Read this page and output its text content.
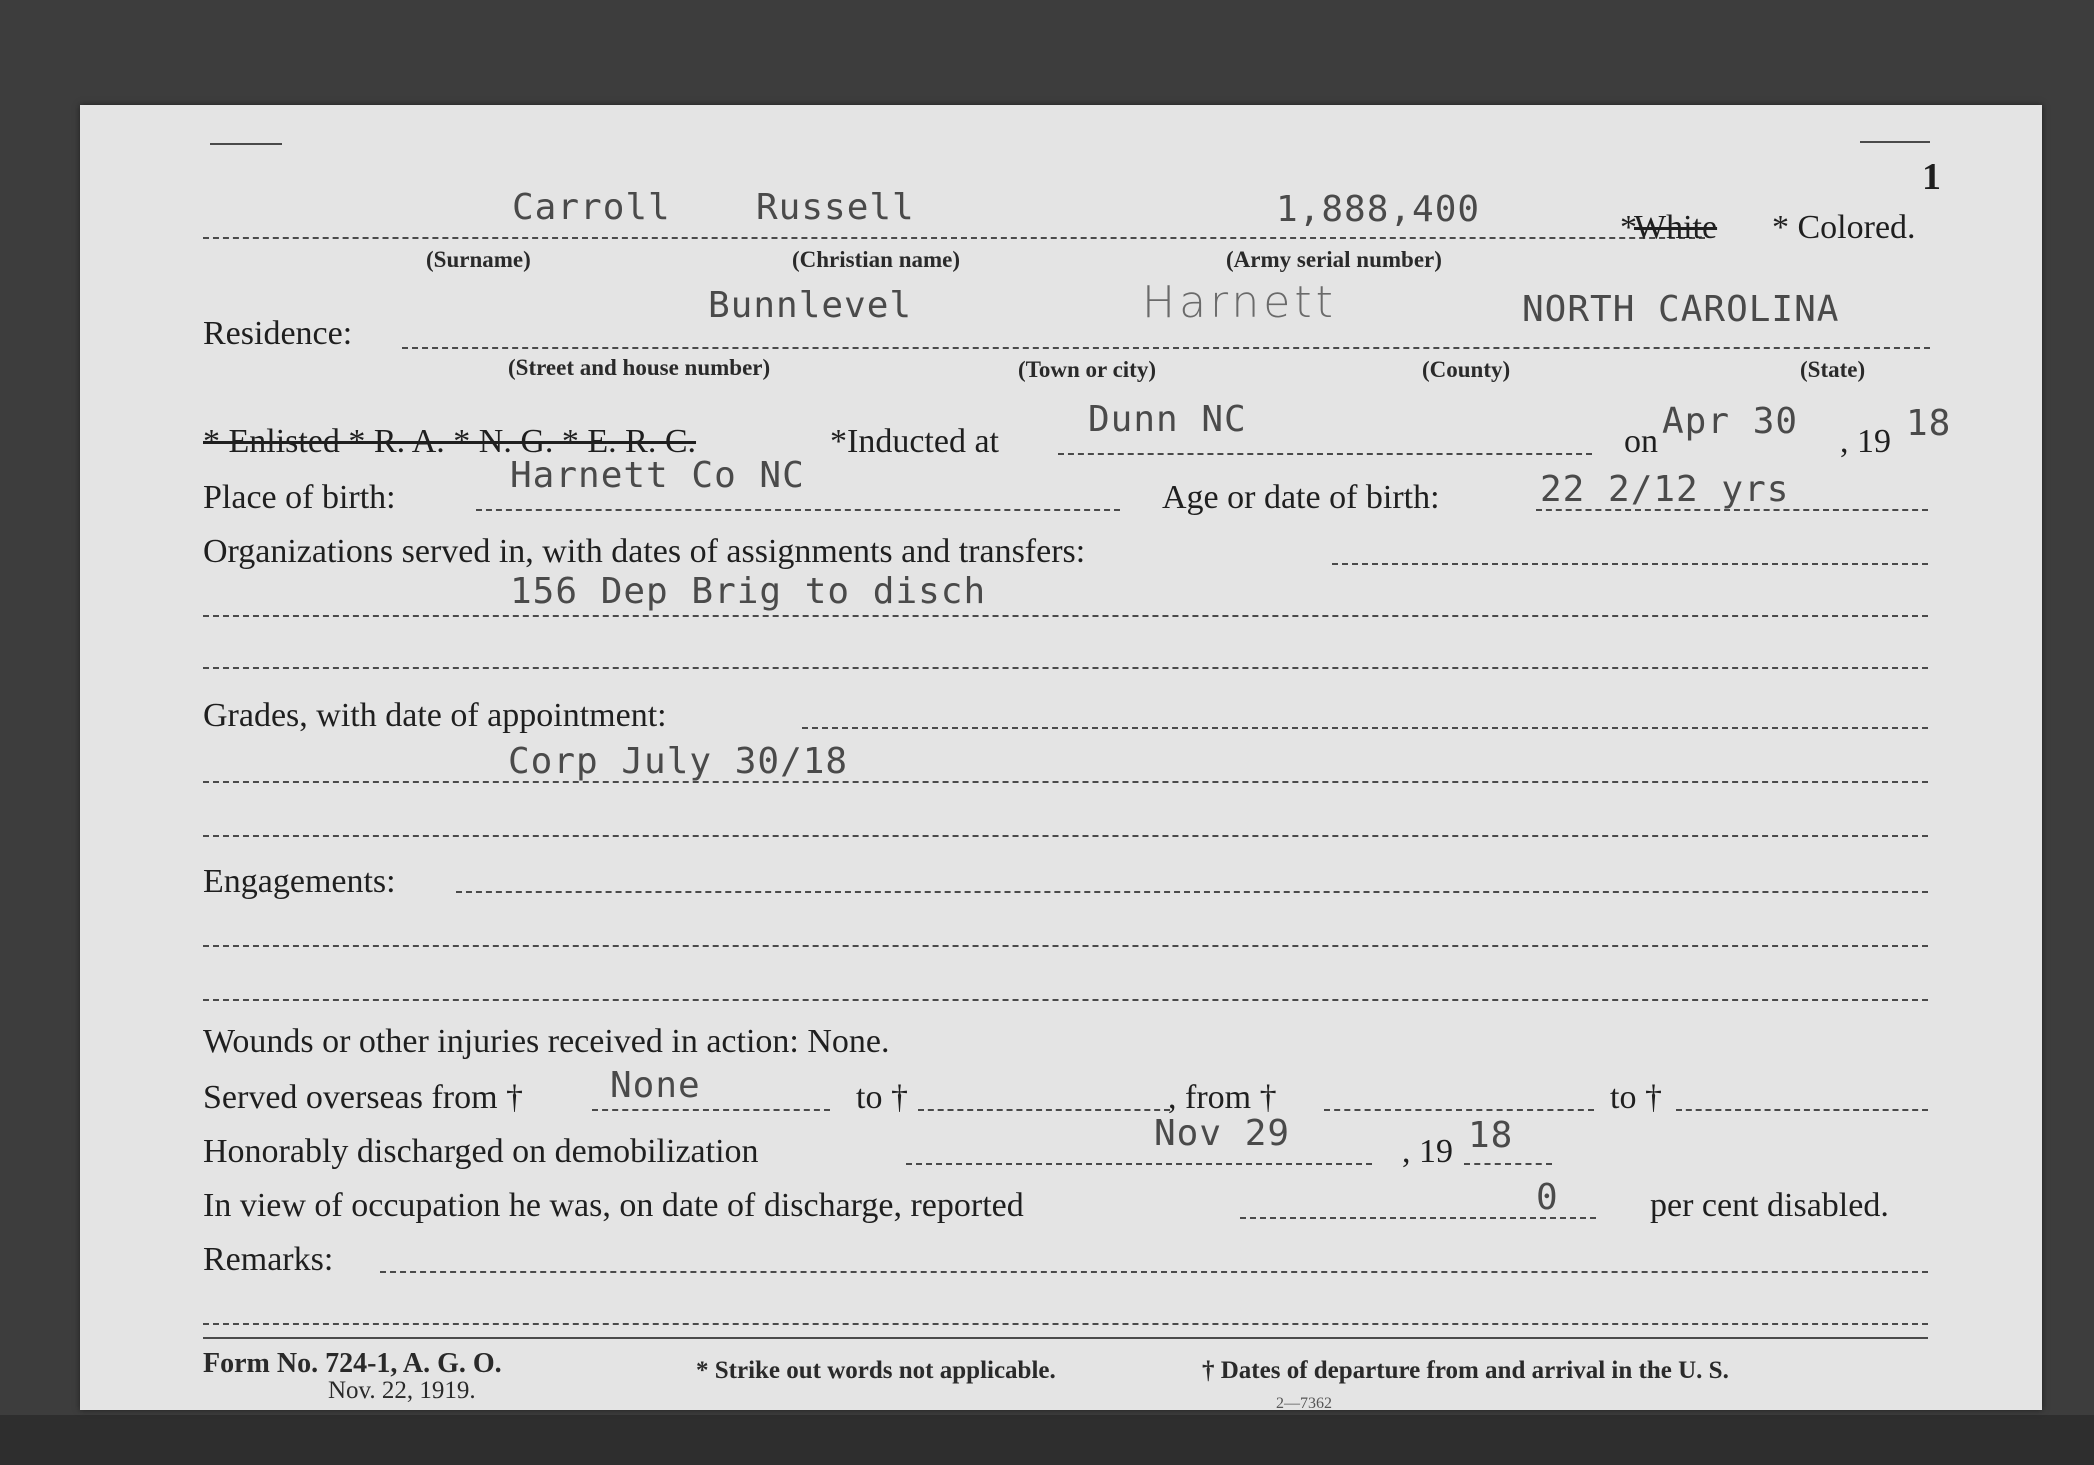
1
Carroll Russell	1,888,400	*
White * Colored.
(Surname)	(Christian name)	(Army serial number)
Residence:
Bunnlevel	Harnett	NORTH CAROLINA
(Street and house number)	(Town or city)	(County)	(State)
* Enlisted * R. A. * N. G. * E. R. C.	*Inducted at
Dunn NC
on Apr 30 , 19 18
Place of birth:
Harnett Co NC
Age or date of birth:	22 2/12 yrs
Organizations served in, with dates of assignments and transfers:
156 Dep Brig to disch
Grades, with date of appointment:
Corp July 30/18
Engagements:
Wounds or other injuries received in action: None.
Served overseas from † None	to †	, from †	to †
Honorably discharged on demobilization	Nov 29	, 19 18
In view of occupation he was, on date of discharge, reported	0	per cent disabled.
Remarks:
Form No. 724-1, A. G. O.
Nov. 22, 1919.
* Strike out words not applicable.	† Dates of departure from and arrival in the U. S.
2—7362
